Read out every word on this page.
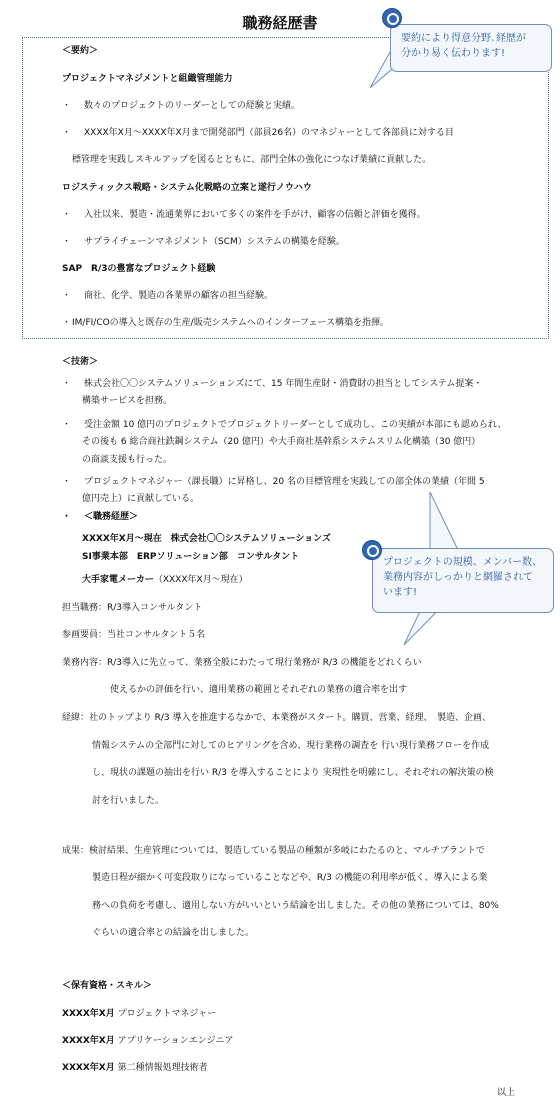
職務経歴書
要約により得意分野､経歴が
分かり易く伝わります!
＜要約＞
プロジェクトマネジメントと組織管理能力
・ 数々のプロジェクトのリーダーとしての経験と実績。
・ XXXX年X月〜XXXX年X月まで開発部門（部員26名）のマネジャーとして各部員に対する目
標管理を実践しスキルアップを図るとともに、部門全体の強化につなげ業績に貢献した。
ロジスティックス戦略・システム化戦略の立案と遂行ノウハウ
・ 入社以来、製造・流通業界において多くの案件を手がけ、顧客の信頼と評価を獲得。
・ サプライチェーンマネジメント（SCM）システムの構築を経験。
SAP　R/3の豊富なプロジェクト経験
・ 商社、化学、製造の各業界の顧客の担当経験。
・IM/FI/COの導入と既存の生産/販売システムへのインターフェース構築を指揮。
＜技術＞
・ 株式会社〇〇システムソリューションズにて、15 年間生産財・消費財の担当としてシステム提案・
構築サービスを担務。
・ 受注金額 10 億円のプロジェクトでプロジェクトリーダーとして成功し、この実績が本部にも認められ、
その後も 6 総合商社鉄鋼システム（20 億円）や大手商社基幹系システムスリム化構築（30 億円）
の商談支援も行った。
・ プロジェクトマネジャー（課長職）に昇格し、20 名の目標管理を実践しての部全体の業績（年間 5
億円売上）に貢献している。
・ ＜職務経歴＞
XXXX年X月〜現在　株式会社〇〇システムソリューションズ
SI事業本部　ERPソリューション部　コンサルタント
大手家電メーカー（XXXX年X月〜現在）
プロジェクトの規模、メンバー数、
業務内容がしっかりと網羅されて
います!
担当職務：R/3導入コンサルタント
参画要員：当社コンサルタント５名
業務内容：R/3導入に先立って、業務全般にわたって現行業務が R/3 の機能をどれくらい
使えるかの評価を行い、適用業務の範囲とそれぞれの業務の適合率を出す
経緯：社のトップより R/3 導入を推進するなかで、本業務がスタート。購買、営業、経理、　製造、企画、
情報システムの全部門に対してのヒアリングを含め、現行業務の調査を 行い現行業務フローを作成
し、現状の課題の抽出を行い R/3 を導入することにより 実現性を明確にし、それぞれの解決策の検
討を行いました。
成果：検討結果、生産管理については、製造している製品の種類が多岐にわたるのと、マルチプラントで
製造日程が細かく可変段取りになっていることなどや、R/3 の機能の利用率が低く、導入による業
務への負荷を考慮し、適用しない方がいいという結論を出しました。その他の業務については、80%
ぐらいの適合率との結論を出しました。
＜保有資格・スキル＞
XXXX年X月 プロジェクトマネジャー
XXXX年X月 アプリケーションエンジニア
XXXX年X月 第二種情報処理技術者
以上
